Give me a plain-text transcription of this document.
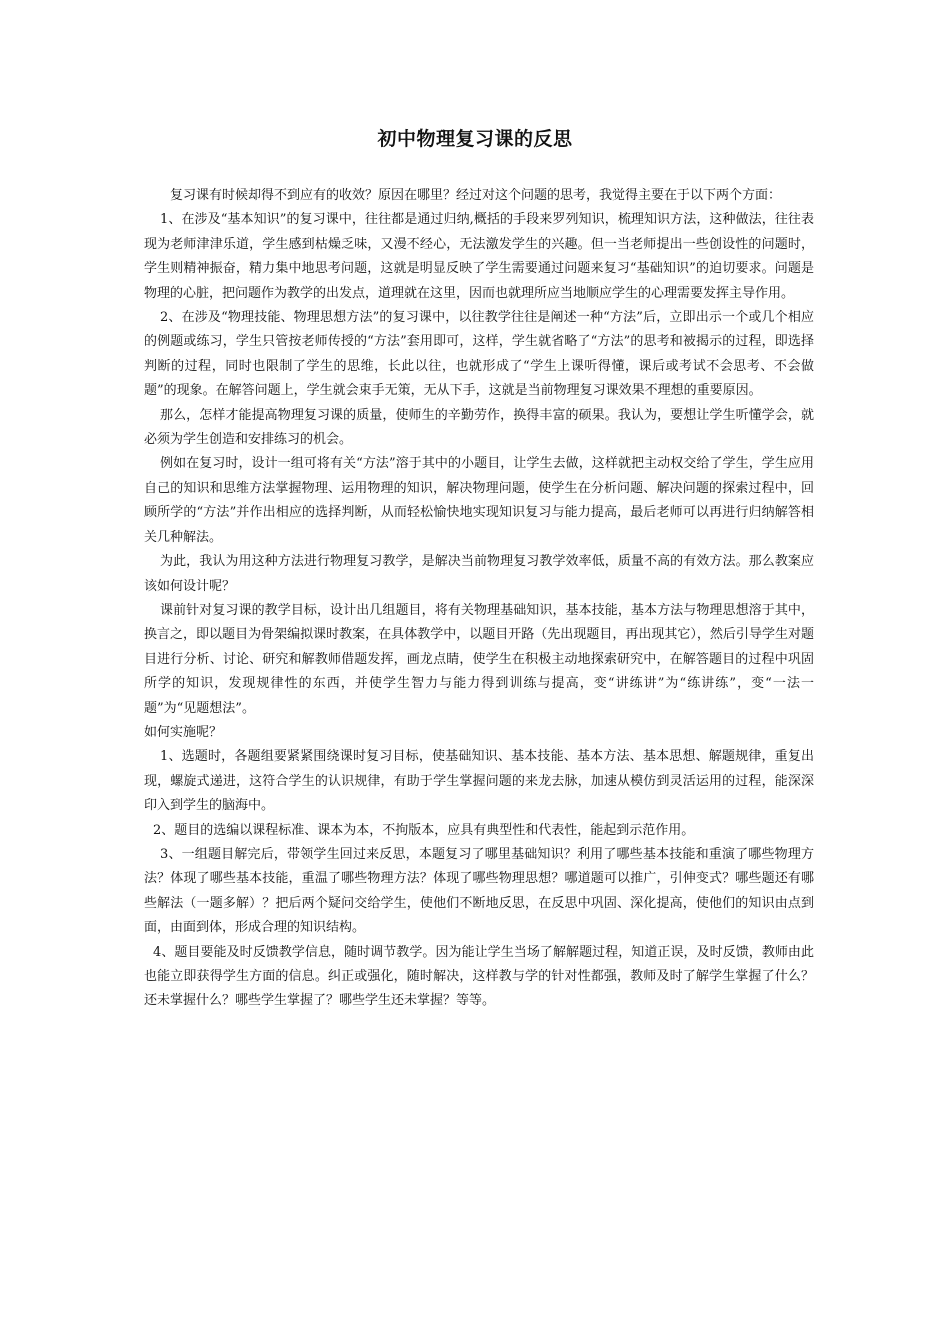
初中物理复习课的反思

复习课有时候却得不到应有的收效？原因在哪里？经过对这个问题的思考，我觉得主要在于以下两个方面：

1、在涉及“基本知识”的复习课中，往往都是通过归纳,概括的手段来罗列知识，梳理知识方法，这种做法，往往表现为老师津津乐道，学生感到枯燥乏味，又漫不经心，无法激发学生的兴趣。但一当老师提出一些创设性的问题时，学生则精神振奋，精力集中地思考问题，这就是明显反映了学生需要通过问题来复习“基础知识”的迫切要求。问题是物理的心脏，把问题作为教学的出发点，道理就在这里，因而也就理所应当地顺应学生的心理需要发挥主导作用。

2、在涉及“物理技能、物理思想方法”的复习课中，以往教学往往是阐述一种“方法”后，立即出示一个或几个相应的例题或练习，学生只管按老师传授的“方法”套用即可，这样，学生就省略了“方法”的思考和被揭示的过程，即选择判断的过程，同时也限制了学生的思维，长此以往，也就形成了“学生上课听得懂，课后或考试不会思考、不会做题”的现象。在解答问题上，学生就会束手无策，无从下手，这就是当前物理复习课效果不理想的重要原因。

那么，怎样才能提高物理复习课的质量，使师生的辛勤劳作，换得丰富的硕果。我认为，要想让学生听懂学会，就必须为学生创造和安排练习的机会。

例如在复习时，设计一组可将有关“方法”溶于其中的小题目，让学生去做，这样就把主动权交给了学生，学生应用自己的知识和思维方法掌握物理、运用物理的知识，解决物理问题，使学生在分析问题、解决问题的探索过程中，回顾所学的“方法”并作出相应的选择判断，从而轻松愉快地实现知识复习与能力提高，最后老师可以再进行归纳解答相关几种解法。

为此，我认为用这种方法进行物理复习教学，是解决当前物理复习教学效率低，质量不高的有效方法。那么教案应该如何设计呢？

课前针对复习课的教学目标，设计出几组题目，将有关物理基础知识，基本技能，基本方法与物理思想溶于其中，换言之，即以题目为骨架编拟课时教案，在具体教学中，以题目开路（先出现题目，再出现其它），然后引导学生对题目进行分析、讨论、研究和解教师借题发挥，画龙点睛，使学生在积极主动地探索研究中，在解答题目的过程中巩固所学的知识，发现规律性的东西，并使学生智力与能力得到训练与提高，变“讲练讲”为“练讲练”，变“一法一题”为“见题想法”。

如何实施呢？

1、选题时，各题组要紧紧围绕课时复习目标，使基础知识、基本技能、基本方法、基本思想、解题规律，重复出现，螺旋式递进，这符合学生的认识规律，有助于学生掌握问题的来龙去脉，加速从模仿到灵活运用的过程，能深深印入到学生的脑海中。

2、题目的选编以课程标准、课本为本，不拘版本，应具有典型性和代表性，能起到示范作用。

3、一组题目解完后，带领学生回过来反思，本题复习了哪里基础知识？利用了哪些基本技能和重演了哪些物理方法？体现了哪些基本技能，重温了哪些物理方法？体现了哪些物理思想？哪道题可以推广，引伸变式？哪些题还有哪些解法（一题多解）？把后两个疑问交给学生，使他们不断地反思，在反思中巩固、深化提高，使他们的知识由点到面，由面到体，形成合理的知识结构。

4、题目要能及时反馈教学信息，随时调节教学。因为能让学生当场了解解题过程，知道正误，及时反馈，教师由此也能立即获得学生方面的信息。纠正或强化，随时解决，这样教与学的针对性都强，教师及时了解学生掌握了什么？还未掌握什么？哪些学生掌握了？哪些学生还未掌握？等等。
